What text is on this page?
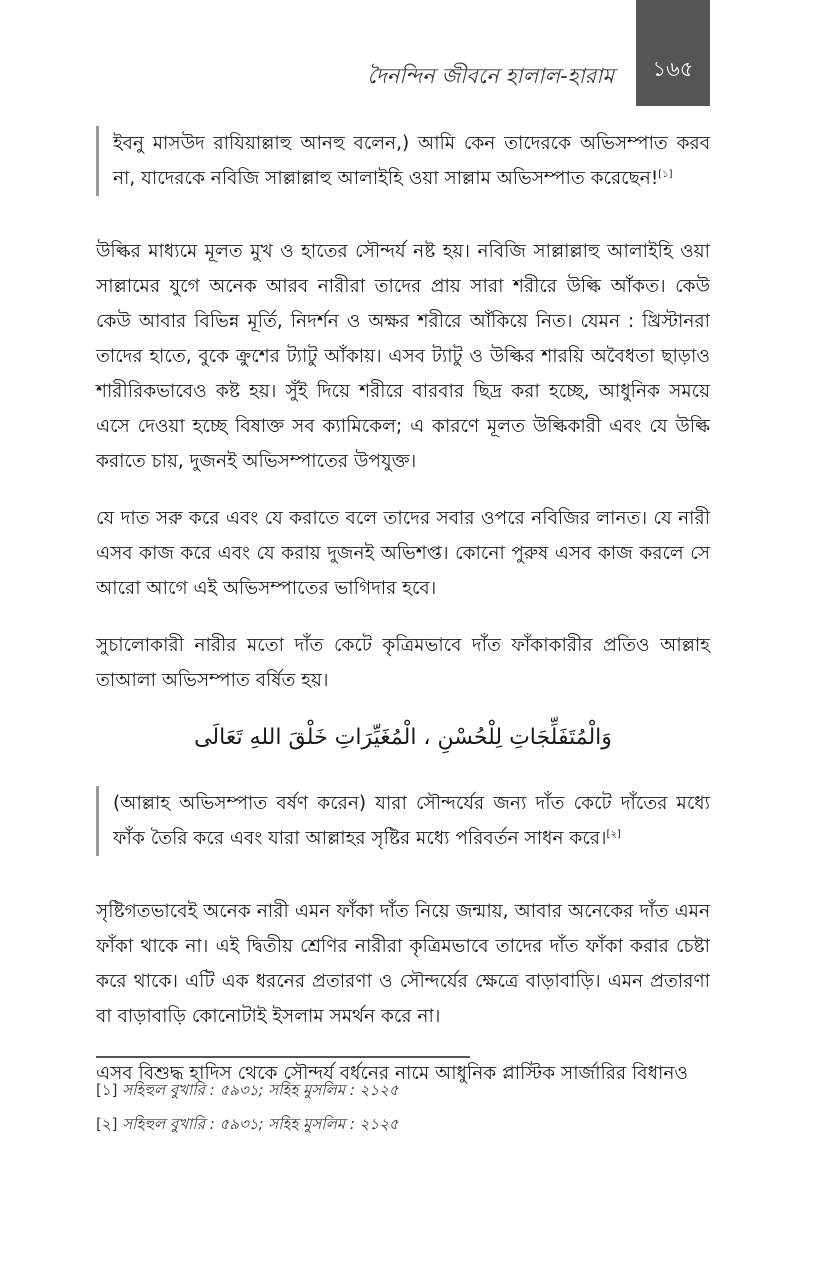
দৈনন্দিন জীবনে হালাল-হারাম ১৬৫
ইবনু মাসউদ রাযিয়াল্লাহু আনহু বলেন,) আমি কেন তাদেরকে অভিসম্পাত করব না, যাদেরকে নবিজি সাল্লাল্লাহু আলাইহি ওয়া সাল্লাম অভিসম্পাত করেছেন![১]

উল্কির মাধ্যমে মূলত মুখ ও হাতের সৌন্দর্য নষ্ট হয়। নবিজি সাল্লাল্লাহু আলাইহি ওয়া সাল্লামের যুগে অনেক আরব নারীরা তাদের প্রায় সারা শরীরে উল্কি আঁকত। কেউ কেউ আবার বিভিন্ন মূর্তি, নিদর্শন ও অক্ষর শরীরে আঁকিয়ে নিত। যেমন : খ্রিস্টানরা তাদের হাতে, বুকে ক্রুশের ট্যাটু আঁকায়। এসব ট্যাটু ও উল্কির শারয়ি অবৈধতা ছাড়াও শারীরিকভাবেও কষ্ট হয়। সুঁই দিয়ে শরীরে বারবার ছিদ্র করা হচ্ছে, আধুনিক সময়ে এসে দেওয়া হচ্ছে বিষাক্ত সব ক্যামিকেল; এ কারণে মূলত উল্কিকারী এবং যে উল্কি করাতে চায়, দুজনই অভিসম্পাতের উপযুক্ত।

যে দাত সরু করে এবং যে করাতে বলে তাদের সবার ওপরে নবিজির লানত। যে নারী এসব কাজ করে এবং যে করায় দুজনই অভিশপ্ত। কোনো পুরুষ এসব কাজ করলে সে আরো আগে এই অভিসম্পাতের ভাগিদার হবে।

সুচালোকারী নারীর মতো দাঁত কেটে কৃত্রিমভাবে দাঁত ফাঁকাকারীর প্রতিও আল্লাহ তাআলা অভিসম্পাত বর্ষিত হয়।

وَالْمُتَفَلِّجَاتِ لِلْحُسْنِ ، الْمُغَيِّرَاتِ خَلْقَ اللهِ تَعَالَى
(আল্লাহ অভিসম্পাত বর্ষণ করেন) যারা সৌন্দর্যের জন্য দাঁত কেটে দাঁতের মধ্যে ফাঁক তৈরি করে এবং যারা আল্লাহর সৃষ্টির মধ্যে পরিবর্তন সাধন করে।[২]

সৃষ্টিগতভাবেই অনেক নারী এমন ফাঁকা দাঁত নিয়ে জন্মায়, আবার অনেকের দাঁত এমন ফাঁকা থাকে না। এই দ্বিতীয় শ্রেণির নারীরা কৃত্রিমভাবে তাদের দাঁত ফাঁকা করার চেষ্টা করে থাকে। এটি এক ধরনের প্রতারণা ও সৌন্দর্যের ক্ষেত্রে বাড়াবাড়ি। এমন প্রতারণা বা বাড়াবাড়ি কোনোটাই ইসলাম সমর্থন করে না।

এসব বিশুদ্ধ হাদিস থেকে সৌন্দর্য বর্ধনের নামে আধুনিক প্লাস্টিক সার্জারির বিধানও

[১] সহিহুল বুখারি : ৫৯৩১; সহিহ মুসলিম : ২১২৫
[২] সহিহুল বুখারি : ৫৯৩১; সহিহ মুসলিম : ২১২৫
